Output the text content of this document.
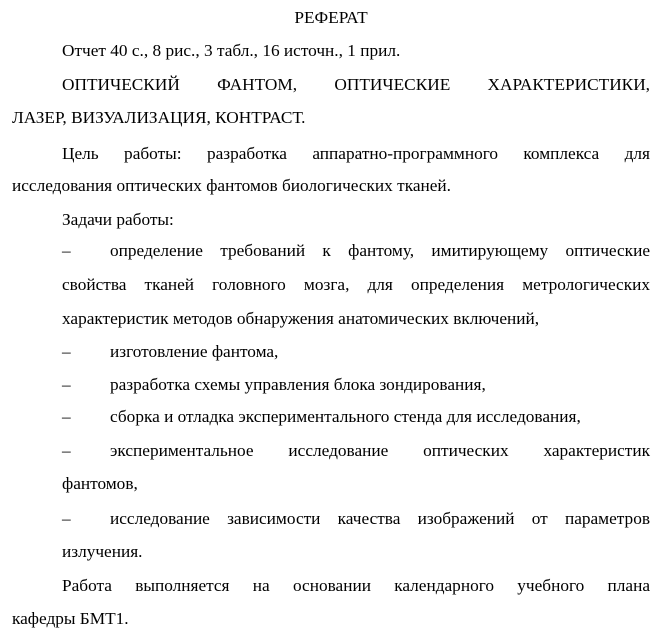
РЕФЕРАТ
Отчет 40 с., 8 рис., 3 табл., 16 источн., 1 прил.
ОПТИЧЕСКИЙ ФАНТОМ, ОПТИЧЕСКИЕ ХАРАКТЕРИСТИКИ,
ЛАЗЕР, ВИЗУАЛИЗАЦИЯ, КОНТРАСТ.
Цель работы: разработка аппаратно-программного комплекса для
исследования оптических фантомов биологических тканей.
Задачи работы:
– определение требований к фантому, имитирующему оптические
свойства тканей головного мозга, для определения метрологических
характеристик методов обнаружения анатомических включений,
– изготовление фантома,
– разработка схемы управления блока зондирования,
– сборка и отладка экспериментального стенда для исследования,
– экспериментальное исследование оптических характеристик
фантомов,
– исследование зависимости качества изображений от параметров
излучения.
Работа выполняется на основании календарного учебного плана
кафедры БМТ1.
